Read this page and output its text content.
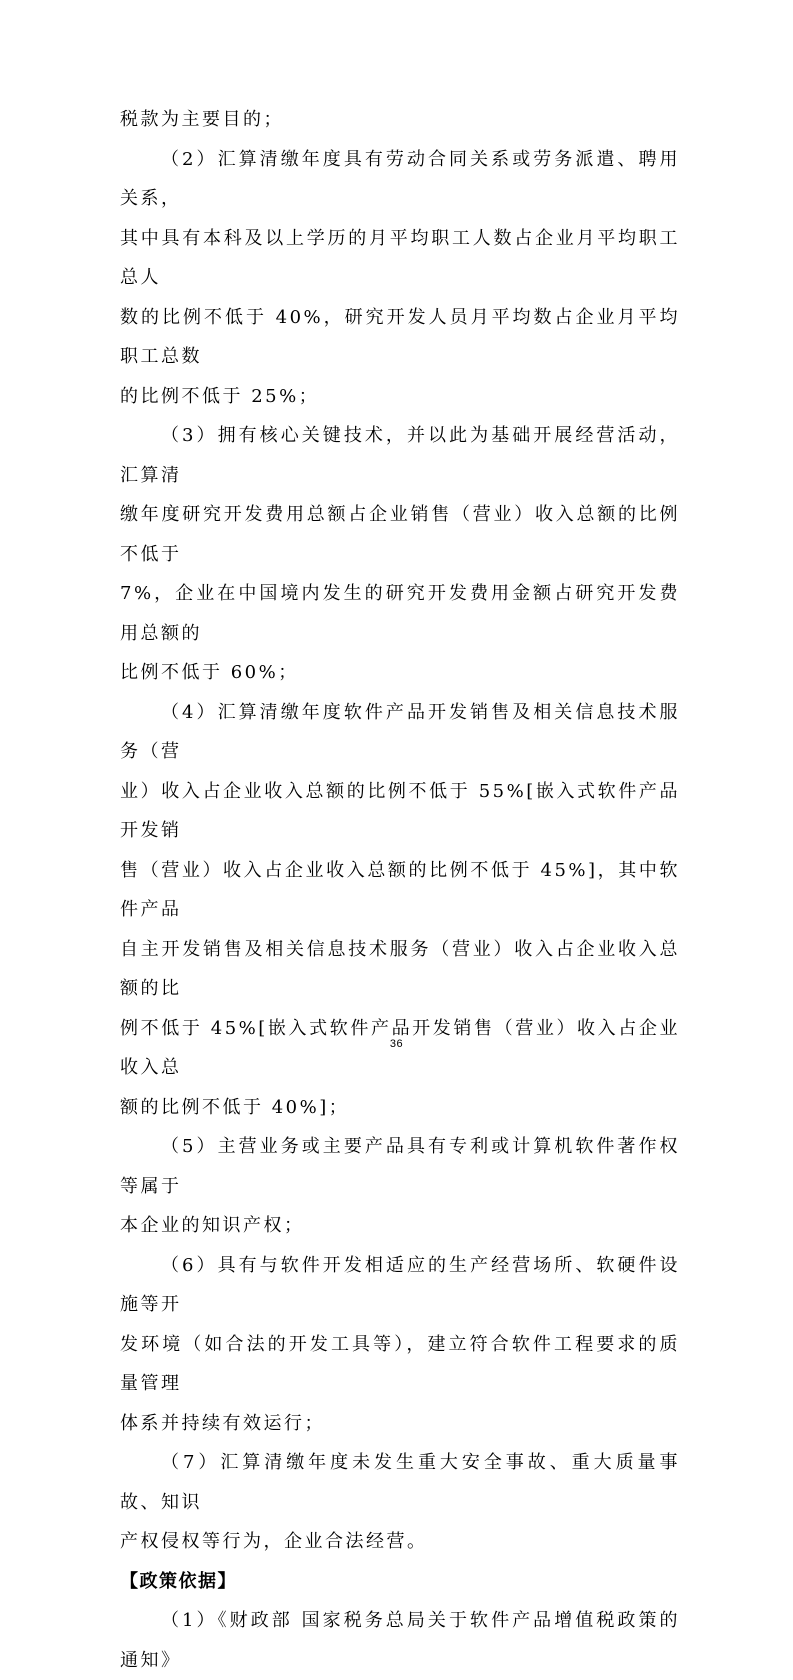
税款为主要目的；

（2）汇算清缴年度具有劳动合同关系或劳务派遣、聘用关系，
其中具有本科及以上学历的月平均职工人数占企业月平均职工总人
数的比例不低于 40%，研究开发人员月平均数占企业月平均职工总数
的比例不低于 25%；

（3）拥有核心关键技术，并以此为基础开展经营活动，汇算清
缴年度研究开发费用总额占企业销售（营业）收入总额的比例不低于
7%，企业在中国境内发生的研究开发费用金额占研究开发费用总额的
比例不低于 60%；

（4）汇算清缴年度软件产品开发销售及相关信息技术服务（营
业）收入占企业收入总额的比例不低于 55%[嵌入式软件产品开发销
售（营业）收入占企业收入总额的比例不低于 45%]，其中软件产品
自主开发销售及相关信息技术服务（营业）收入占企业收入总额的比
例不低于 45%[嵌入式软件产品开发销售（营业）收入占企业收入总
额的比例不低于 40%]；

（5）主营业务或主要产品具有专利或计算机软件著作权等属于
本企业的知识产权；

（6）具有与软件开发相适应的生产经营场所、软硬件设施等开
发环境（如合法的开发工具等），建立符合软件工程要求的质量管理
体系并持续有效运行；

（7）汇算清缴年度未发生重大安全事故、重大质量事故、知识
产权侵权等行为，企业合法经营。

【政策依据】

（1）《财政部 国家税务总局关于软件产品增值税政策的通知》

36
